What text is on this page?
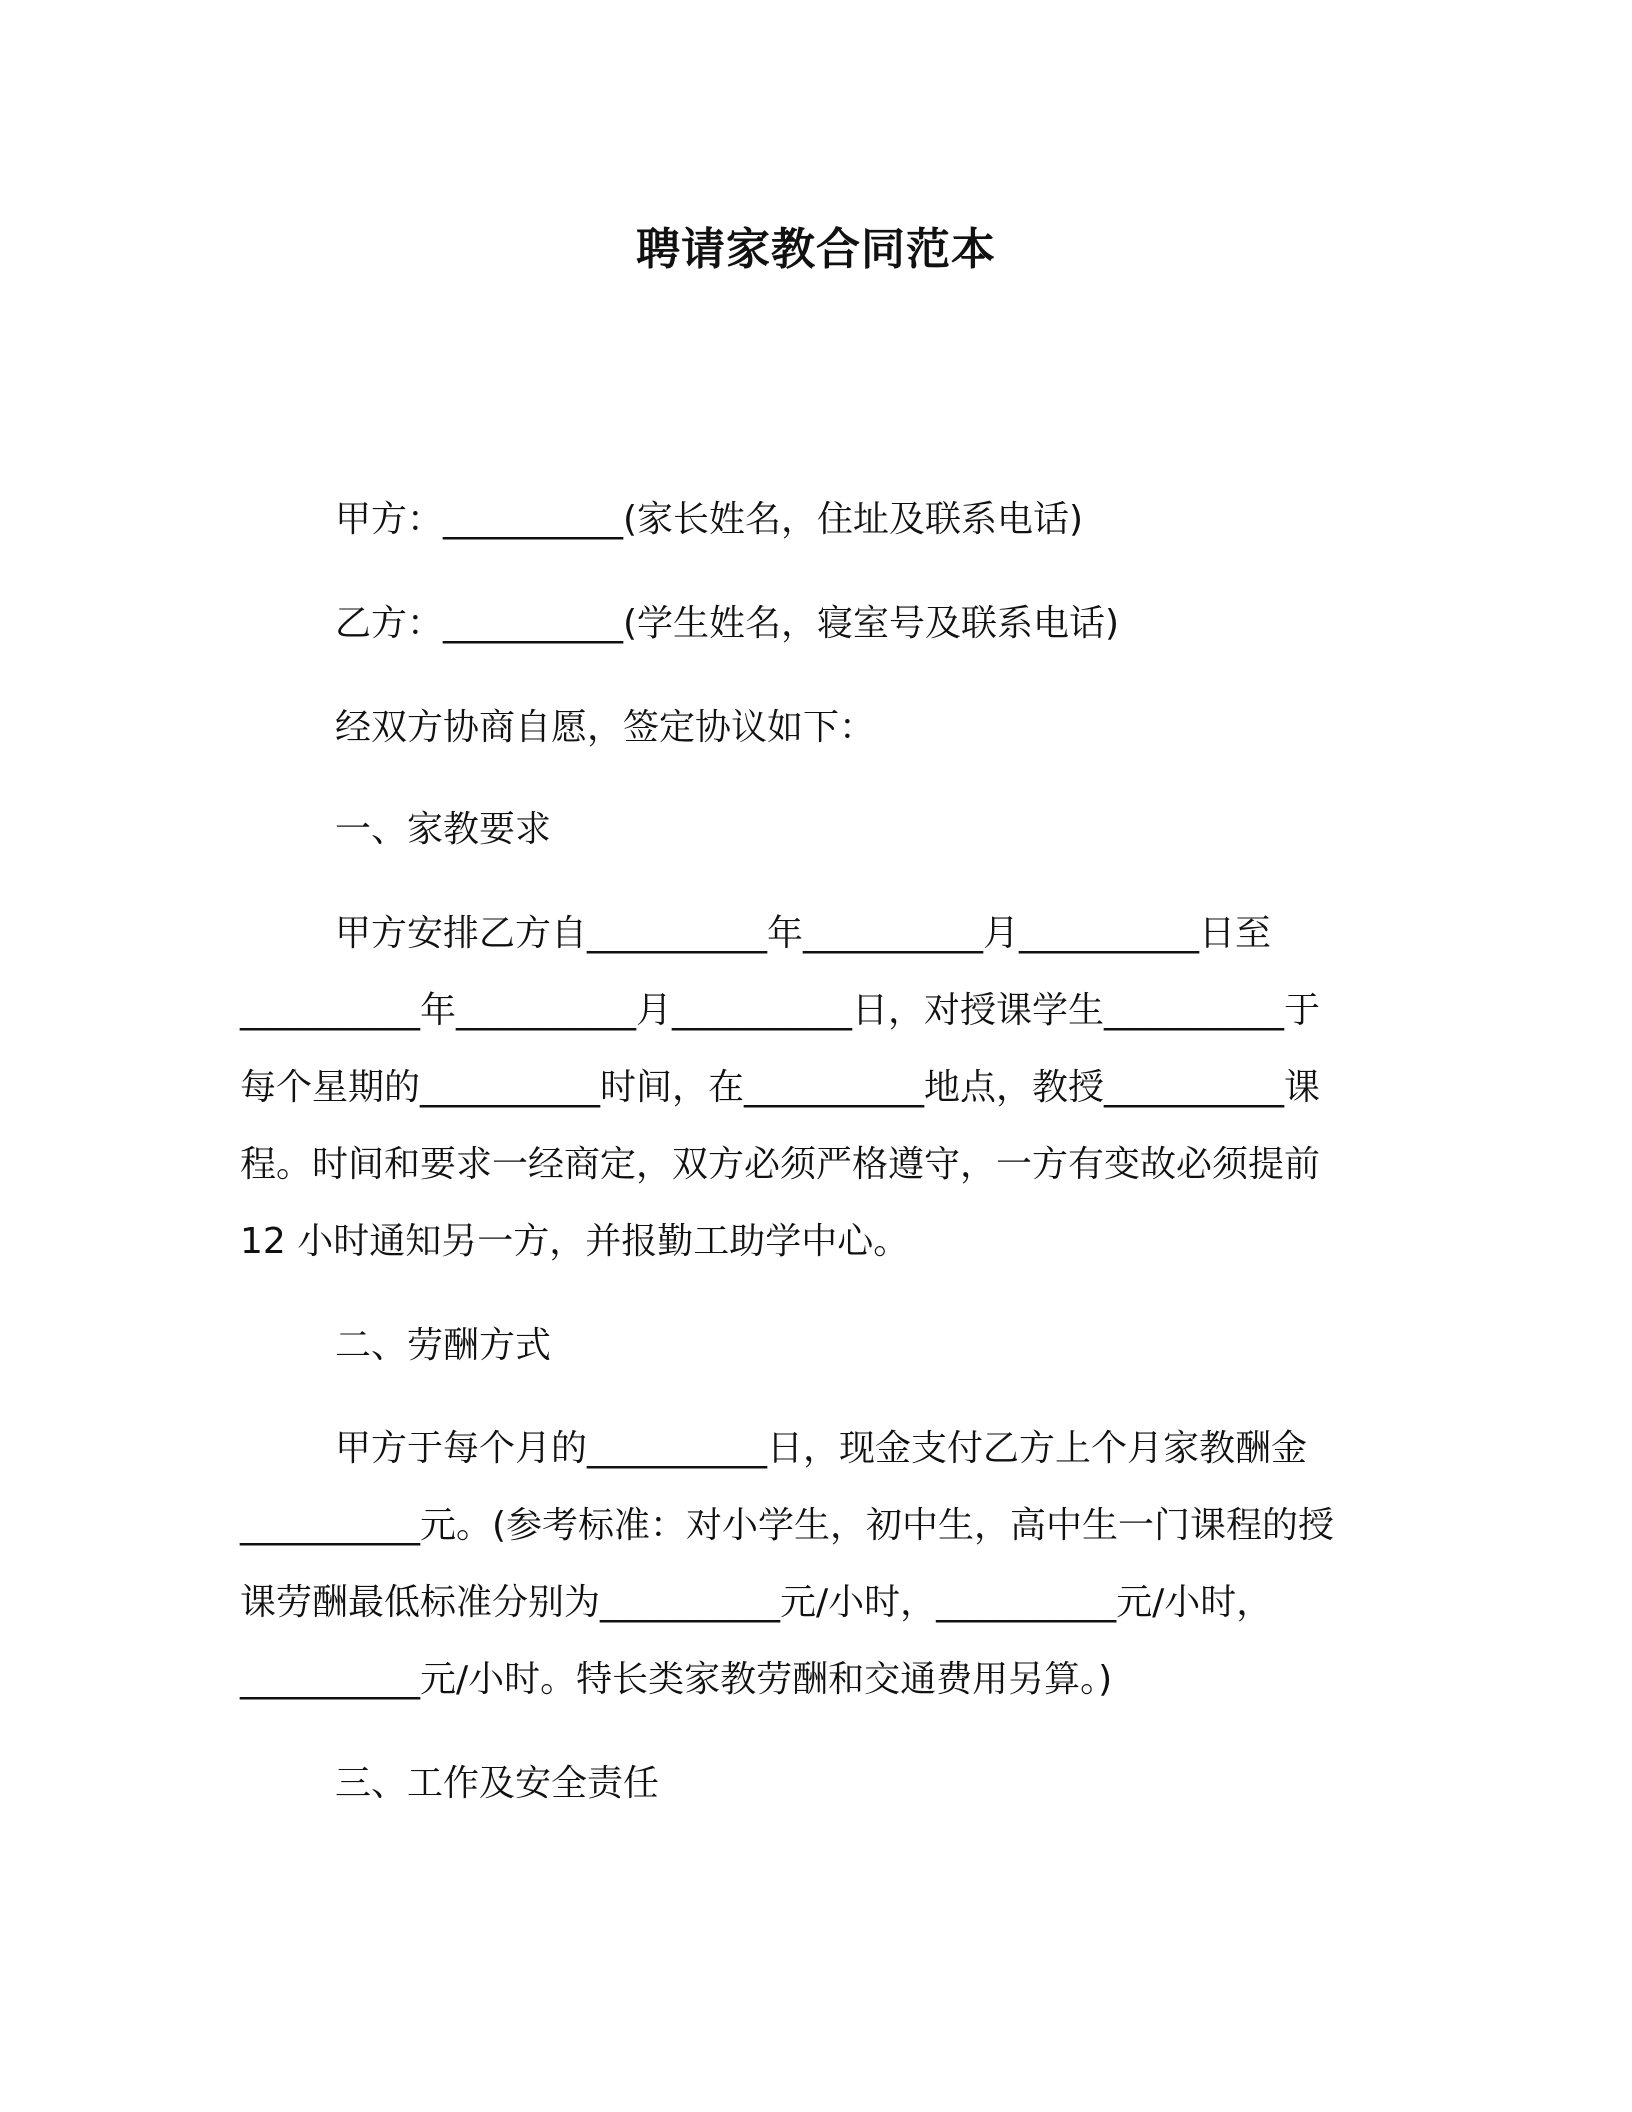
聘请家教合同范本
甲方：__________(家长姓名，住址及联系电话)
乙方：__________(学生姓名，寝室号及联系电话)
经双方协商自愿，签定协议如下：
一、家教要求
甲方安排乙方自__________年__________月__________日至
__________年__________月__________日，对授课学生__________于
每个星期的__________时间，在__________地点，教授__________课
程。时间和要求一经商定，双方必须严格遵守，一方有变故必须提前
12 小时通知另一方，并报勤工助学中心。
二、劳酬方式
甲方于每个月的__________日，现金支付乙方上个月家教酬金
__________元。(参考标准：对小学生，初中生，高中生一门课程的授
课劳酬最低标准分别为__________元/小时，__________元/小时，
__________元/小时。特长类家教劳酬和交通费用另算。)
三、工作及安全责任
